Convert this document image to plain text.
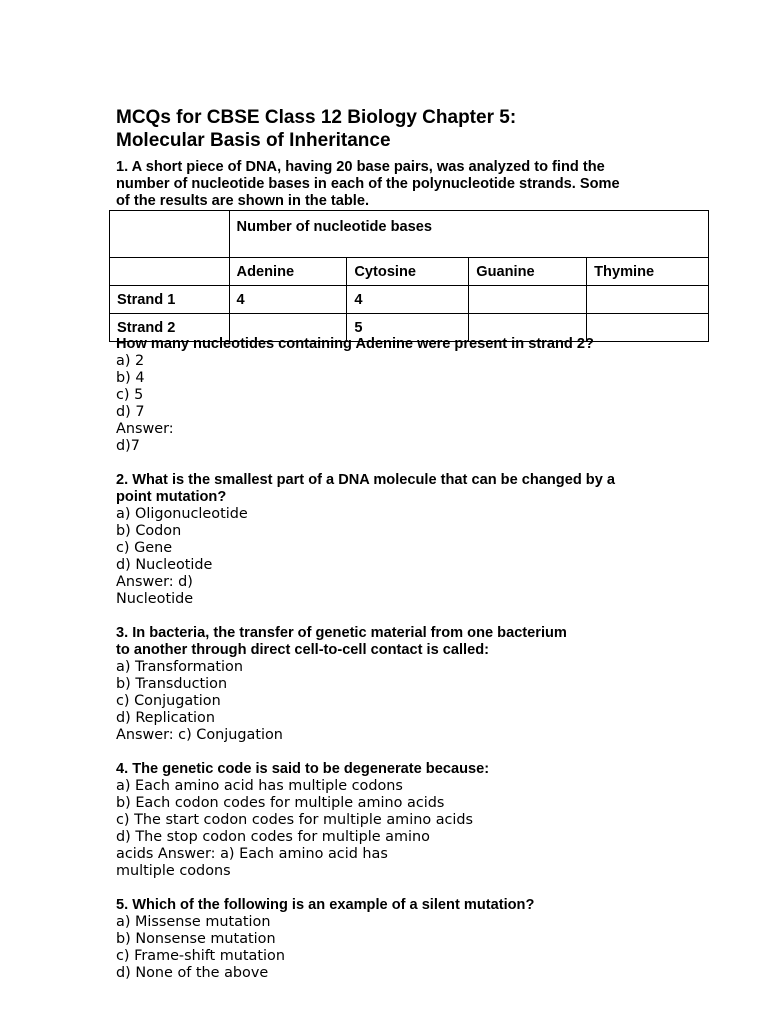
MCQs for CBSE Class 12 Biology Chapter 5:
Molecular Basis of Inheritance
1. A short piece of DNA, having 20 base pairs, was analyzed to find the
number of nucleotide bases in each of the polynucleotide strands. Some
of the results are shown in the table.
	Number of nucleotide bases			
	Adenine	Cytosine	Guanine	Thymine
Strand 1	4	4		
Strand 2		5		
How many nucleotides containing Adenine were present in strand 2?
a) 2
b) 4
c) 5
d) 7
Answer:
d)7
2. What is the smallest part of a DNA molecule that can be changed by a
point mutation?
a) Oligonucleotide
b) Codon
c) Gene
d) Nucleotide
Answer: d)
Nucleotide
3. In bacteria, the transfer of genetic material from one bacterium
to another through direct cell-to-cell contact is called:
a) Transformation
b) Transduction
c) Conjugation
d) Replication
Answer: c) Conjugation
4. The genetic code is said to be degenerate because:
a) Each amino acid has multiple codons
b) Each codon codes for multiple amino acids
c) The start codon codes for multiple amino acids
d) The stop codon codes for multiple amino
acids Answer: a) Each amino acid has
multiple codons
5. Which of the following is an example of a silent mutation?
a) Missense mutation
b) Nonsense mutation
c) Frame-shift mutation
d) None of the above
